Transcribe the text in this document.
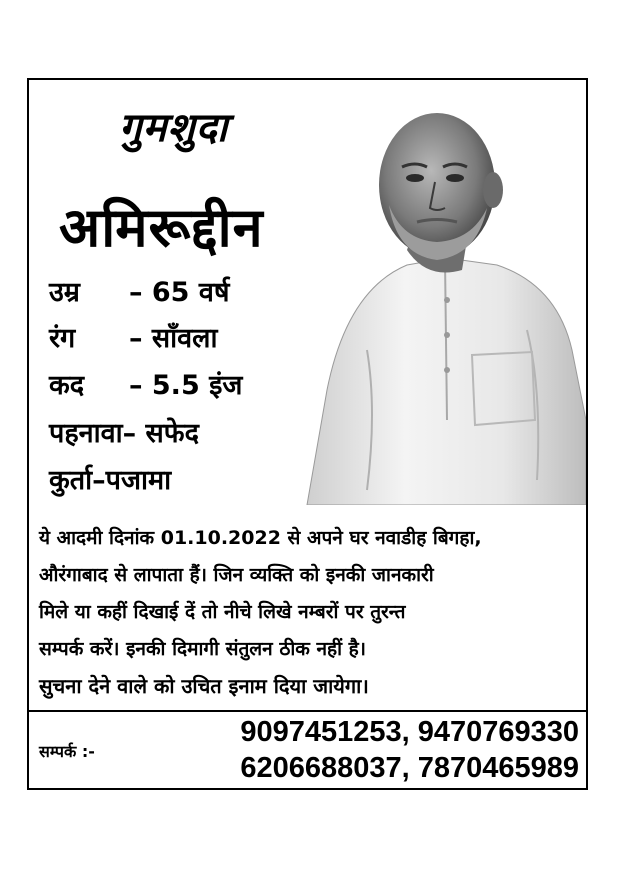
गुमशुदा
अमिरूद्दीन
उम्र – 65 वर्ष
रंग – साँवला
कद – 5.5 इंज
पहनावा– सफेद
कुर्ता–पजामा
ये आदमी दिनांक 01.10.2022 से अपने घर नवाडीह बिगहा,
औरंगाबाद से लापाता हैं। जिन व्यक्ति को इनकी जानकारी
मिले या कहीं दिखाई दें तो नीचे लिखे नम्बरों पर तुरन्त
सम्पर्क करें। इनकी दिमागी संतुलन ठीक नहीं है।
सुचना देने वाले को उचित इनाम दिया जायेगा।
सम्पर्क :-
9097451253, 9470769330
6206688037, 7870465989
